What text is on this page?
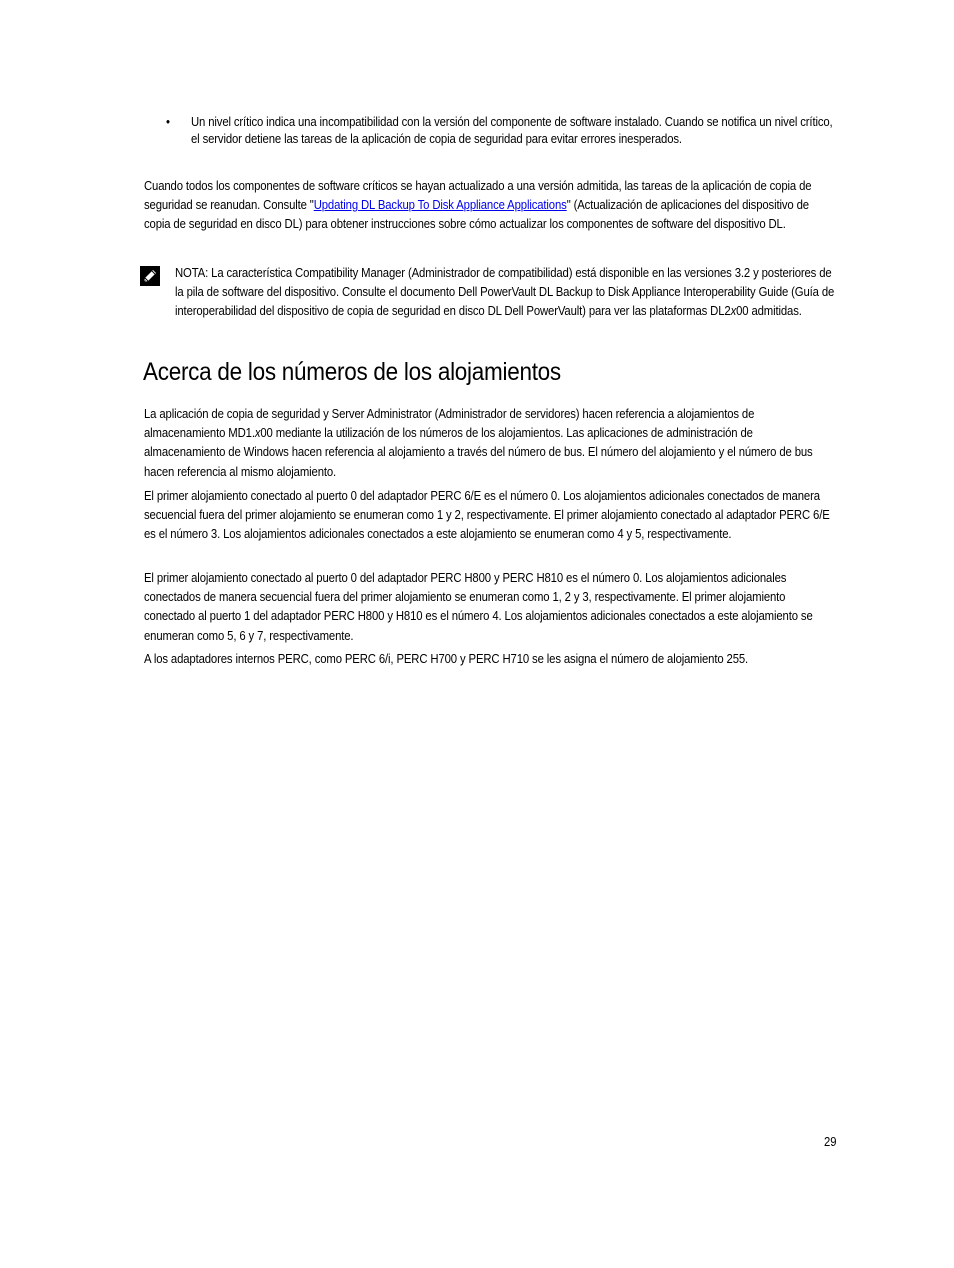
• Un nivel crítico indica una incompatibilidad con la versión del componente de software instalado. Cuando se notifica un nivel crítico, el servidor detiene las tareas de la aplicación de copia de seguridad para evitar errores inesperados.
Cuando todos los componentes de software críticos se hayan actualizado a una versión admitida, las tareas de la aplicación de copia de seguridad se reanudan. Consulte "Updating DL Backup To Disk Appliance Applications" (Actualización de aplicaciones del dispositivo de copia de seguridad en disco DL) para obtener instrucciones sobre cómo actualizar los componentes de software del dispositivo DL.
NOTA: La característica Compatibility Manager (Administrador de compatibilidad) está disponible en las versiones 3.2 y posteriores de la pila de software del dispositivo. Consulte el documento Dell PowerVault DL Backup to Disk Appliance Interoperability Guide (Guía de interoperabilidad del dispositivo de copia de seguridad en disco DL Dell PowerVault) para ver las plataformas DL2x00 admitidas.
Acerca de los números de los alojamientos
La aplicación de copia de seguridad y Server Administrator (Administrador de servidores) hacen referencia a alojamientos de almacenamiento MD1.x00 mediante la utilización de los números de los alojamientos. Las aplicaciones de administración de almacenamiento de Windows hacen referencia al alojamiento a través del número de bus. El número del alojamiento y el número de bus hacen referencia al mismo alojamiento.
El primer alojamiento conectado al puerto 0 del adaptador PERC 6/E es el número 0. Los alojamientos adicionales conectados de manera secuencial fuera del primer alojamiento se enumeran como 1 y 2, respectivamente. El primer alojamiento conectado al adaptador PERC 6/E es el número 3. Los alojamientos adicionales conectados a este alojamiento se enumeran como 4 y 5, respectivamente.
El primer alojamiento conectado al puerto 0 del adaptador PERC H800 y PERC H810 es el número 0. Los alojamientos adicionales conectados de manera secuencial fuera del primer alojamiento se enumeran como 1, 2 y 3, respectivamente. El primer alojamiento conectado al puerto 1 del adaptador PERC H800 y H810 es el número 4. Los alojamientos adicionales conectados a este alojamiento se enumeran como 5, 6 y 7, respectivamente.
A los adaptadores internos PERC, como PERC 6/i, PERC H700 y PERC H710 se les asigna el número de alojamiento 255.
29
